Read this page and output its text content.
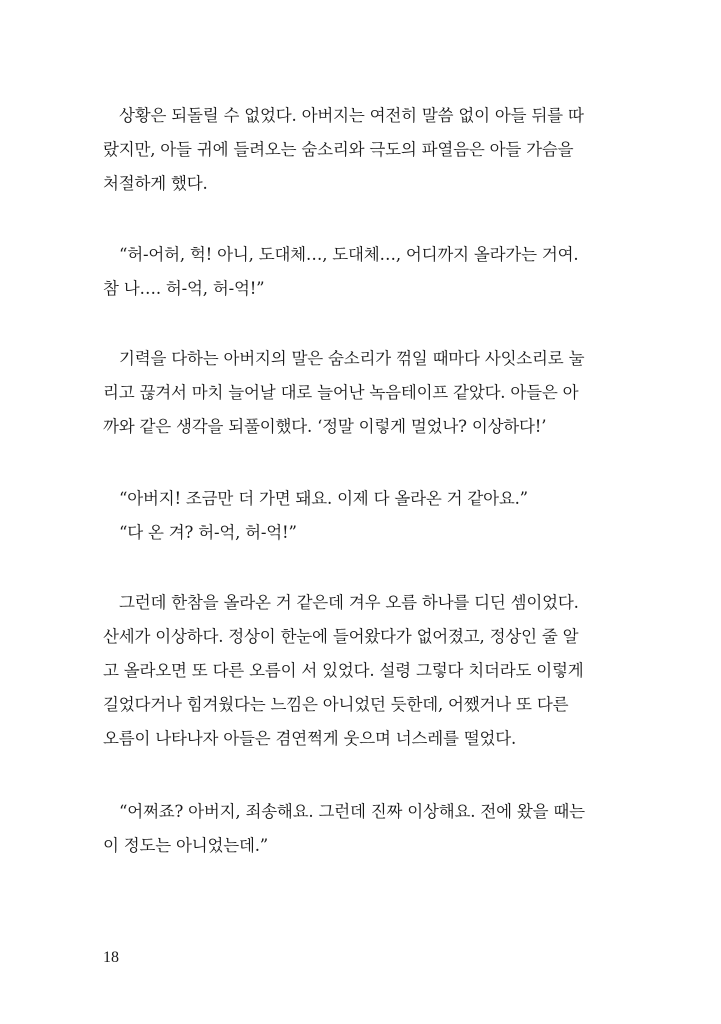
상황은 되돌릴 수 없었다. 아버지는 여전히 말씀 없이 아들 뒤를 따
랐지만, 아들 귀에 들려오는 숨소리와 극도의 파열음은 아들 가슴을
처절하게 했다.
“허-어허, 헉! 아니, 도대체…, 도대체…, 어디까지 올라가는 거여.
참 나…. 허-억, 허-억!”
기력을 다하는 아버지의 말은 숨소리가 꺾일 때마다 사잇소리로 눌
리고 끊겨서 마치 늘어날 대로 늘어난 녹음테이프 같았다. 아들은 아
까와 같은 생각을 되풀이했다. ‘정말 이렇게 멀었나? 이상하다!’
“아버지! 조금만 더 가면 돼요. 이제 다 올라온 거 같아요.”
“다 온 겨? 허-억, 허-억!”
그런데 한참을 올라온 거 같은데 겨우 오름 하나를 디딘 셈이었다.
산세가 이상하다. 정상이 한눈에 들어왔다가 없어졌고, 정상인 줄 알
고 올라오면 또 다른 오름이 서 있었다. 설령 그렇다 치더라도 이렇게
길었다거나 힘겨웠다는 느낌은 아니었던 듯한데, 어쨌거나 또 다른
오름이 나타나자 아들은 겸연쩍게 웃으며 너스레를 떨었다.
“어쩌죠? 아버지, 죄송해요. 그런데 진짜 이상해요. 전에 왔을 때는
이 정도는 아니었는데.”
18
